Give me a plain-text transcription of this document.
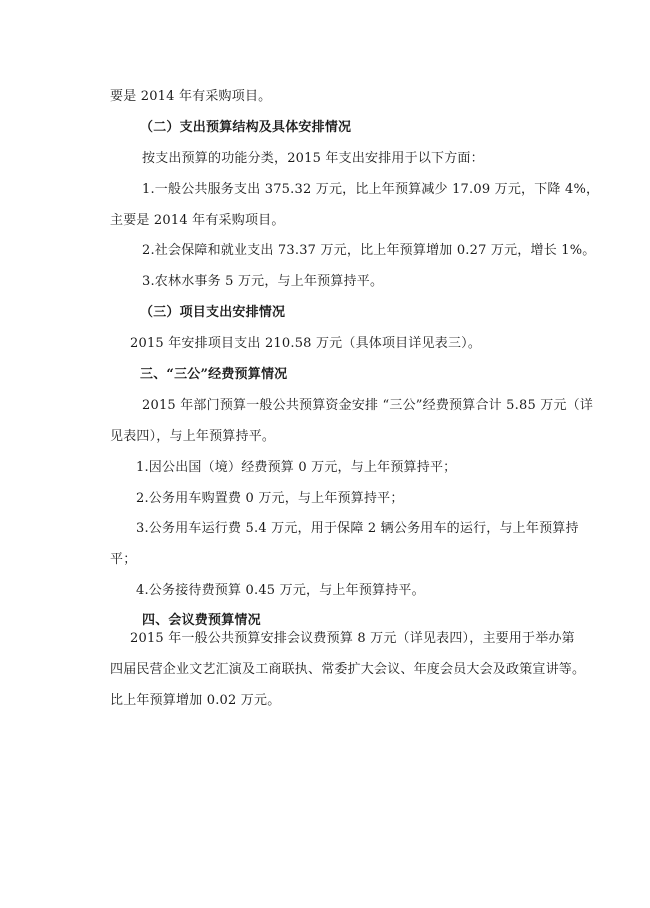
要是 2014 年有采购项目。
（二）支出预算结构及具体安排情况
按支出预算的功能分类，2015 年支出安排用于以下方面：
1.一般公共服务支出 375.32 万元，比上年预算减少 17.09 万元，下降 4%，
主要是 2014 年有采购项目。
2.社会保障和就业支出 73.37 万元，比上年预算增加 0.27 万元，增长 1%。
3.农林水事务 5 万元，与上年预算持平。
（三）项目支出安排情况
2015 年安排项目支出 210.58 万元（具体项目详见表三）。
三、“三公”经费预算情况
2015 年部门预算一般公共预算资金安排 “三公”经费预算合计 5.85 万元（详
见表四），与上年预算持平。
1.因公出国（境）经费预算 0 万元，与上年预算持平；
2.公务用车购置费 0 万元，与上年预算持平；
3.公务用车运行费 5.4 万元，用于保障 2 辆公务用车的运行，与上年预算持
平；
4.公务接待费预算 0.45 万元，与上年预算持平。
四、会议费预算情况
2015 年一般公共预算安排会议费预算 8 万元（详见表四），主要用于举办第
四届民营企业文艺汇演及工商联执、常委扩大会议、年度会员大会及政策宣讲等。
比上年预算增加 0.02 万元。
